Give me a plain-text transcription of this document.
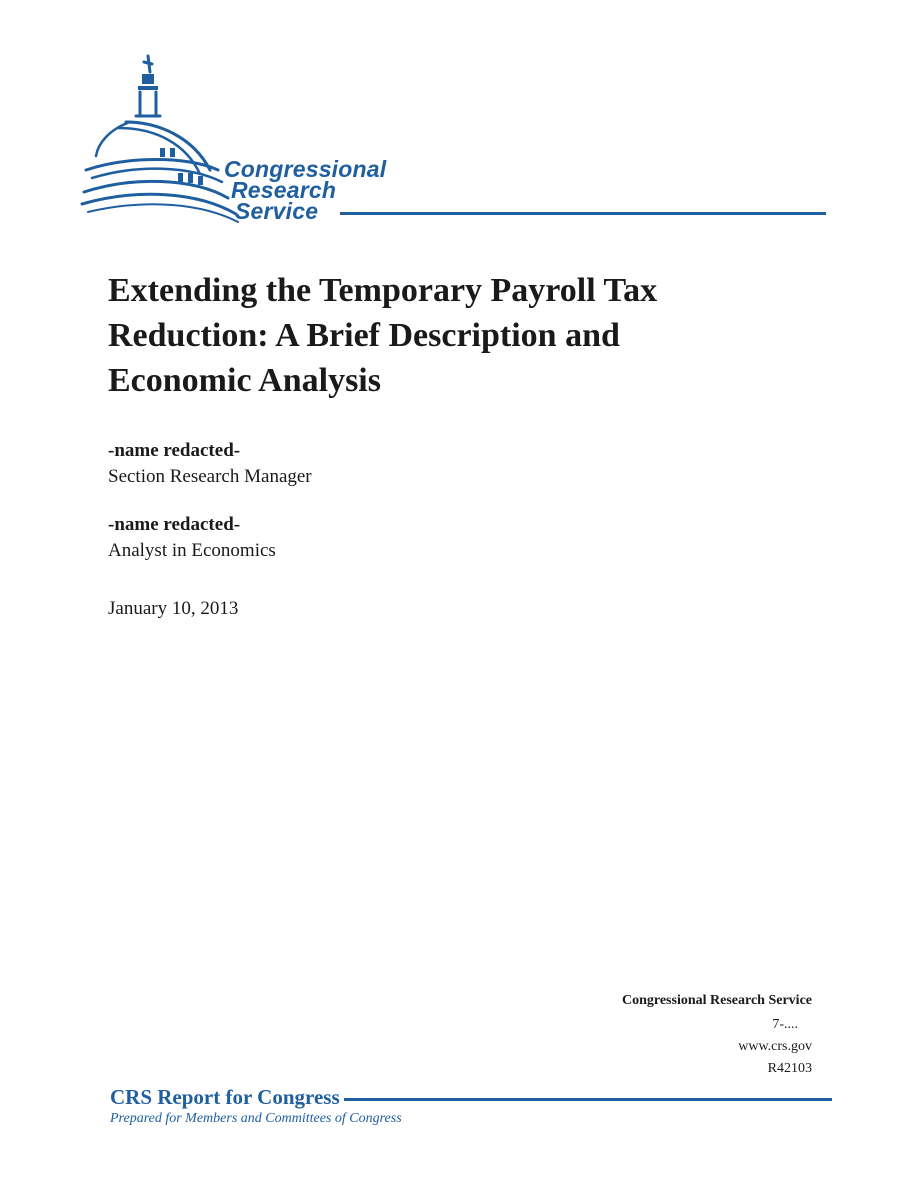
Congressional
Research
Service
Extending the Temporary Payroll Tax
Reduction: A Brief Description and
Economic Analysis
-name redacted-
Section Research Manager
-name redacted-
Analyst in Economics
January 10, 2013
Congressional Research Service
7-....
www.crs.gov
R42103
CRS Report for Congress
Prepared for Members and Committees of Congress
